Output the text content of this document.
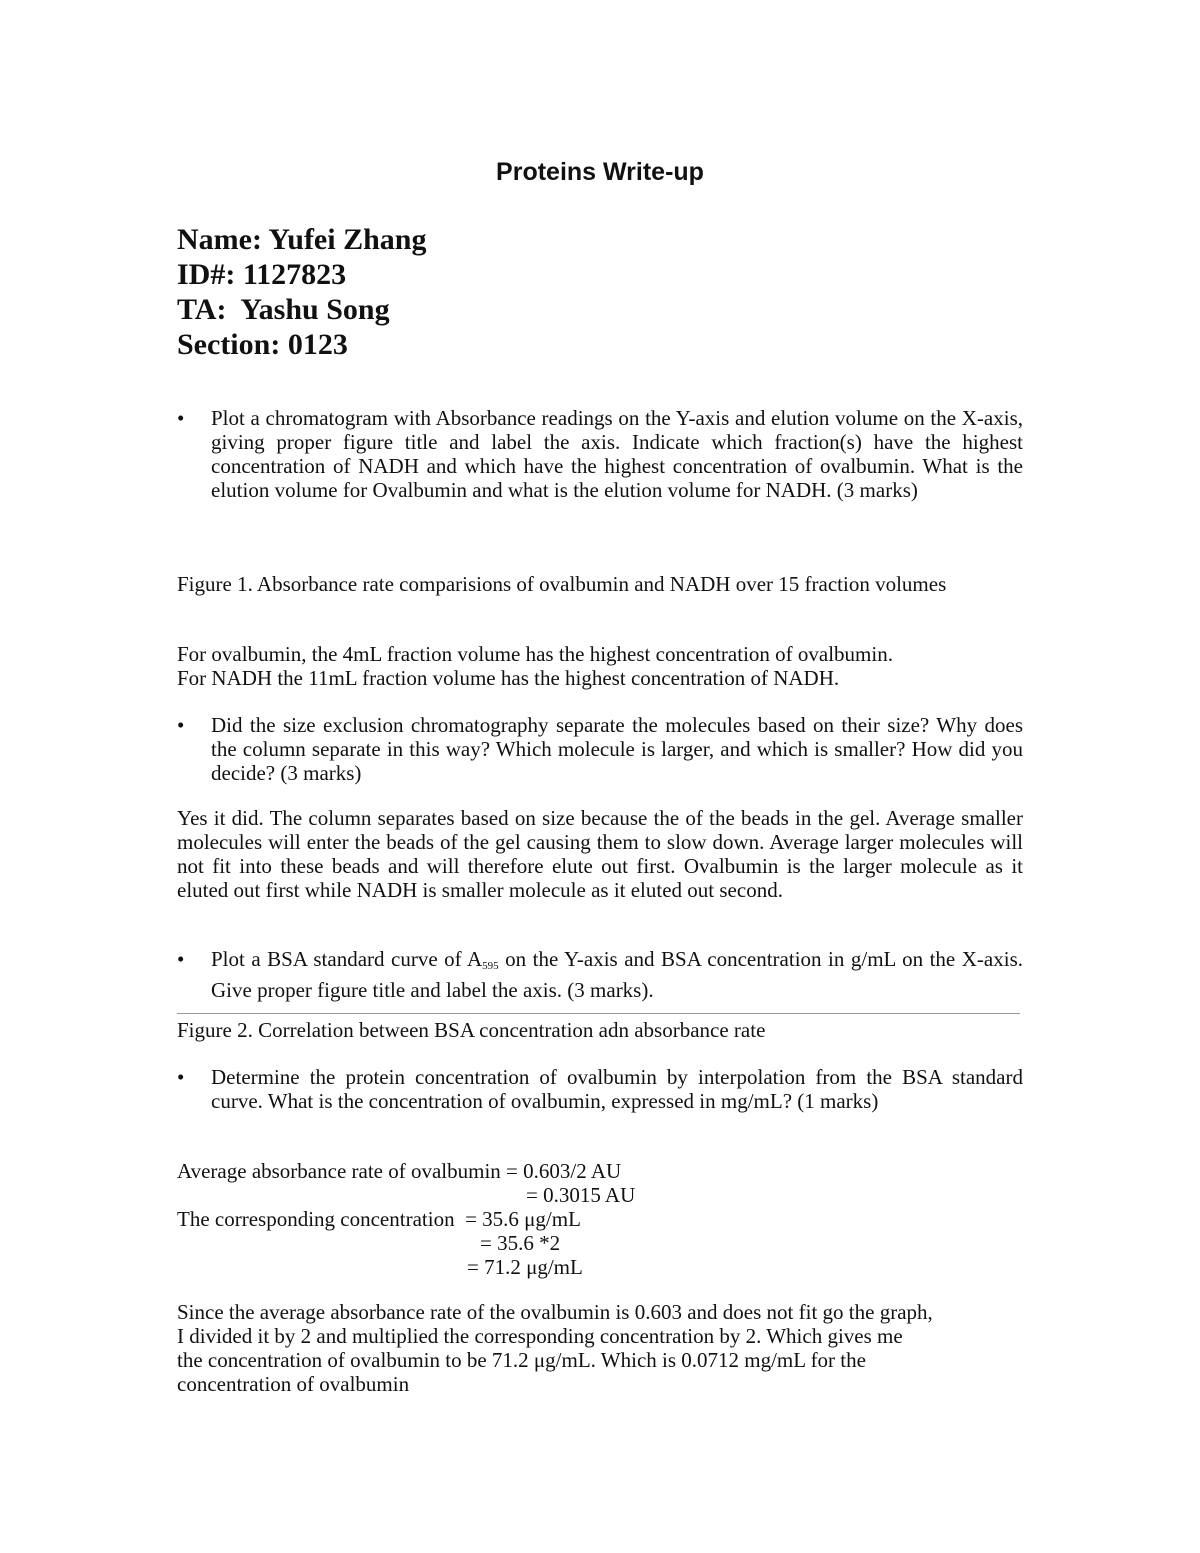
Proteins Write-up
Name: Yufei Zhang
ID#: 1127823
TA:  Yashu Song
Section: 0123
•	Plot a chromatogram with Absorbance readings on the Y-axis and elution volume on the X-axis, giving proper figure title and label the axis. Indicate which fraction(s) have the highest concentration of NADH and which have the highest concentration of ovalbumin. What is the elution volume for Ovalbumin and what is the elution volume for NADH. (3 marks)
Figure 1. Absorbance rate comparisions of ovalbumin and NADH over 15 fraction volumes
For ovalbumin, the 4mL fraction volume has the highest concentration of ovalbumin.
For NADH the 11mL fraction volume has the highest concentration of NADH.
•	Did the size exclusion chromatography separate the molecules based on their size? Why does the column separate in this way? Which molecule is larger, and which is smaller? How did you decide? (3 marks)
Yes it did. The column separates based on size because the of the beads in the gel. Average smaller molecules will enter the beads of the gel causing them to slow down. Average larger molecules will not fit into these beads and will therefore elute out first. Ovalbumin is the larger molecule as it eluted out first while NADH is smaller molecule as it eluted out second.
•	Plot a BSA standard curve of $A_{595}$ on the Y-axis and BSA concentration in g/mL on the X-axis. Give proper figure title and label the axis. (3 marks).
Figure 2. Correlation between BSA concentration adn absorbance rate
•	Determine the protein concentration of ovalbumin by interpolation from the BSA standard curve. What is the concentration of ovalbumin, expressed in mg/mL? (1 marks)
Average absorbance rate of ovalbumin = 0.603/2 AU
= 0.3015 AU
The corresponding concentration  = 35.6 μg/mL
= 35.6 *2
= 71.2 μg/mL
Since the average absorbance rate of the ovalbumin is 0.603 and does not fit go the graph,
I divided it by 2 and multiplied the corresponding concentration by 2. Which gives me
the concentration of ovalbumin to be 71.2 μg/mL. Which is 0.0712 mg/mL for the
concentration of ovalbumin
